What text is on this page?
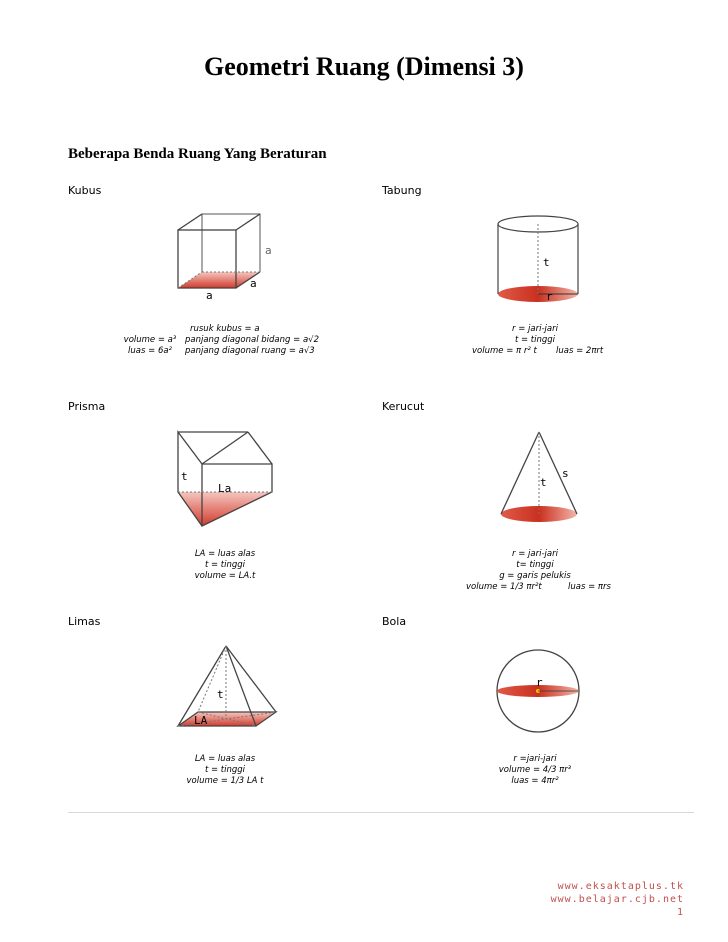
Geometri Ruang (Dimensi 3)
Beberapa Benda Ruang Yang Beraturan
Kubus
a
a
a
volume = a³
luas = 6a²
rusuk kubus = a
panjang diagonal bidang = a√2
panjang diagonal ruang = a√3
Tabung
t
r
r = jari-jari
t = tinggi
volume = π r² t luas = 2πrt
Prisma
t
La
LA = luas alas
t = tinggi
volume = LA.t
Kerucut
s
t
r = jari-jari
t= tinggi
g = garis pelukis
volume = 1/3 πr²t	luas = πrs
Limas
t
LA
LA = luas alas
t = tinggi
volume = 1/3 LA t
Bola
r
r =jari-jari
volume = 4/3 πr³
luas = 4πr²
www.eksaktaplus.tk
www.belajar.cjb.net
1
